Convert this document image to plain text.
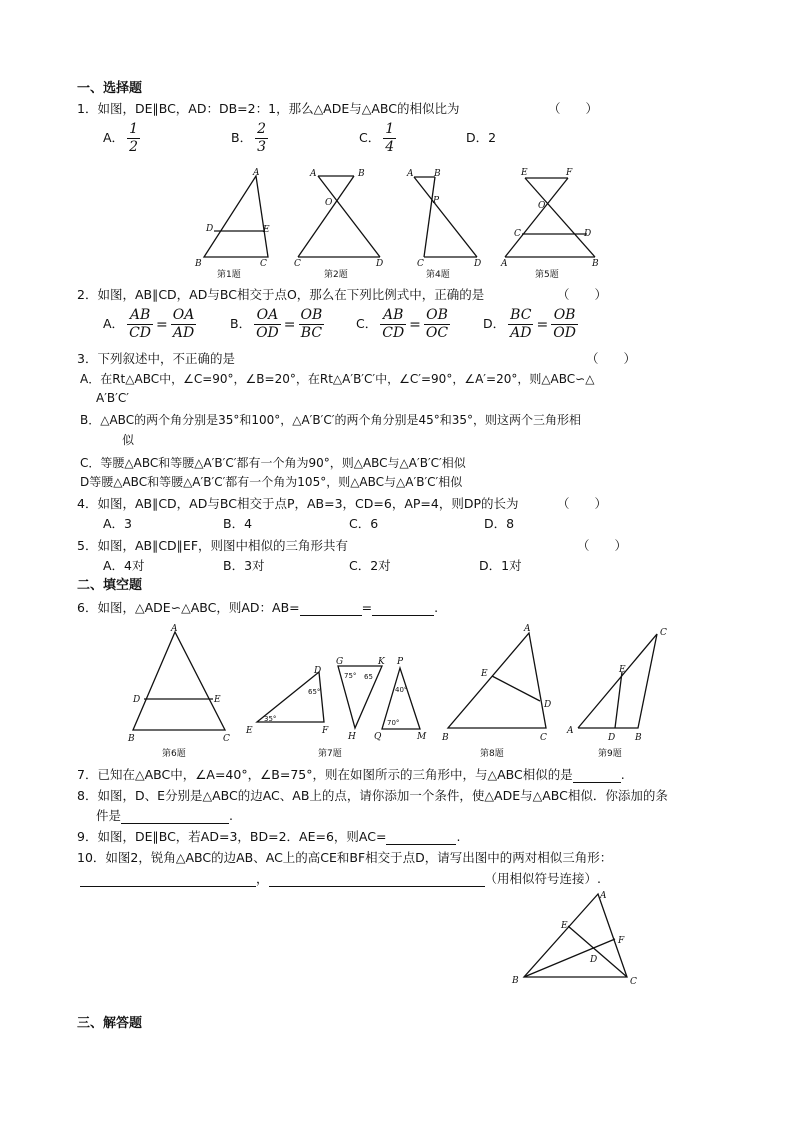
一、选择题
1．如图，DE∥BC，AD：DB=2：1，那么△ADE与△ABC的相似比为	（　　）
A． $\frac{1}{2}$	B． $\frac{2}{3}$	C． $\frac{1}{4}$	D．2
A
D	E
B	C
第1题
A	B
O
C	D
第2题
A B
P
C	D
第4题
E	F
O
C	D
A	B
第5题
2．如图，AB∥CD，AD与BC相交于点O，那么在下列比例式中，正确的是	（　　）
A． $\frac{AB}{CD} = \frac{OA}{AD}$	B． $\frac{OA}{OD} = \frac{OB}{BC}$	C． $\frac{AB}{CD} = \frac{OB}{OC}$	D． $\frac{BC}{AD} = \frac{OB}{OD}$
3．下列叙述中，不正确的是	（　　）
A．在Rt△ABC中，∠C=90°，∠B=20°，在Rt△A′B′C′中，∠C′=90°，∠A′=20°，则△ABC∽△
A′B′C′
B．△ABC的两个角分别是35°和100°，△A′B′C′的两个角分别是45°和35°，则这两个三角形相
似
C．等腰△ABC和等腰△A′B′C′都有一个角为90°，则△ABC与△A′B′C′相似
D等腰△ABC和等腰△A′B′C′都有一个角为105°，则△ABC与△A′B′C′相似
4．如图，AB∥CD，AD与BC相交于点P，AB=3，CD=6，AP=4，则DP的长为	（　　）
A．3	B．4	C．6	D．8
5．如图，AB∥CD∥EF，则图中相似的三角形共有	（　　）
A．4对	B．3对	C．2对	D．1对
二、填空题
6．如图，△ADE∽△ABC，则AD：AB=	=	.
A
D	E
B	C
第6题
D
E	F
65°
35°
G	K
H
75° 65
P
Q	M
40°
70°
第7题
A
E
D
B	C
第8题
C
E
A
D B
第9题
7．已知在△ABC中，∠A=40°，∠B=75°，则在如图所示的三角形中，与△ABC相似的是	.
8．如图，D、E分别是△ABC的边AC、AB上的点，请你添加一个条件，使△ADE与△ABC相似．你添加的条
件是	.
9．如图，DE∥BC，若AD=3，BD=2．AE=6，则AC=	.
10．如图2，锐角△ABC的边AB、AC上的高CE和BF相交于点D，请写出图中的两对相似三角形：
，	（用相似符号连接）.
A
E
F
D
B	C
三、解答题
